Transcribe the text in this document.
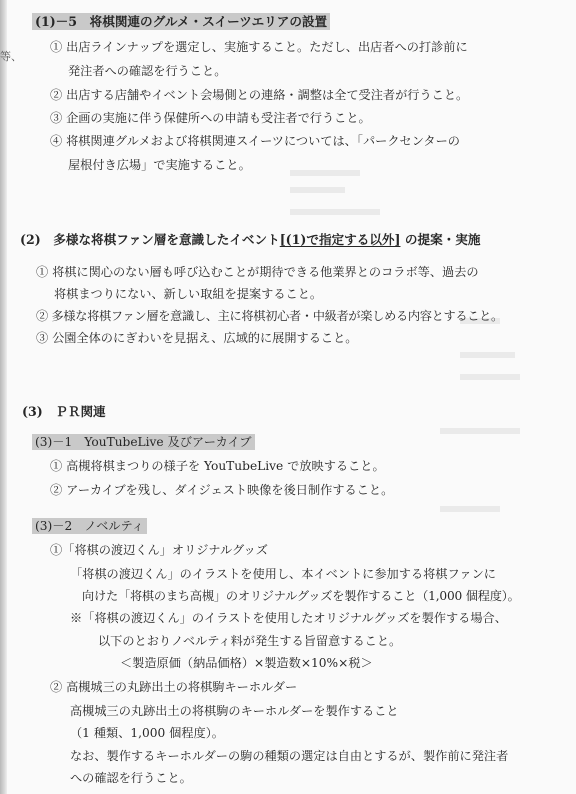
等、
(1)－5　将棋関連のグルメ・スイーツエリアの設置
① 出店ラインナップを選定し、実施すること。ただし、出店者への打診前に
発注者への確認を行うこと。
② 出店する店舗やイベント会場側との連絡・調整は全て受注者が行うこと。
③ 企画の実施に伴う保健所への申請も受注者で行うこと。
④ 将棋関連グルメおよび将棋関連スイーツについては、「パークセンターの
屋根付き広場」で実施すること。
(2)　多様な将棋ファン層を意識したイベント[(1)で指定する以外] の提案・実施
① 将棋に関心のない層も呼び込むことが期待できる他業界とのコラボ等、過去の
将棋まつりにない、新しい取組を提案すること。
② 多様な将棋ファン層を意識し、主に将棋初心者・中級者が楽しめる内容とすること。
③ 公園全体のにぎわいを見据え、広域的に展開すること。
(3)　ＰＲ関連
(3)－1　YouTubeLive 及びアーカイブ
① 高槻将棋まつりの様子を YouTubeLive で放映すること。
② アーカイブを残し、ダイジェスト映像を後日制作すること。
(3)－2　ノベルティ
①「将棋の渡辺くん」オリジナルグッズ
「将棋の渡辺くん」のイラストを使用し、本イベントに参加する将棋ファンに
向けた「将棋のまち高槻」のオリジナルグッズを製作すること（1,000 個程度）。
※「将棋の渡辺くん」のイラストを使用したオリジナルグッズを製作する場合、
以下のとおりノベルティ料が発生する旨留意すること。
＜製造原価（納品価格）×製造数×10%×税＞
② 高槻城三の丸跡出土の将棋駒キーホルダー
高槻城三の丸跡出土の将棋駒のキーホルダーを製作すること
（1 種類、1,000 個程度）。
なお、製作するキーホルダーの駒の種類の選定は自由とするが、製作前に発注者
への確認を行うこと。
